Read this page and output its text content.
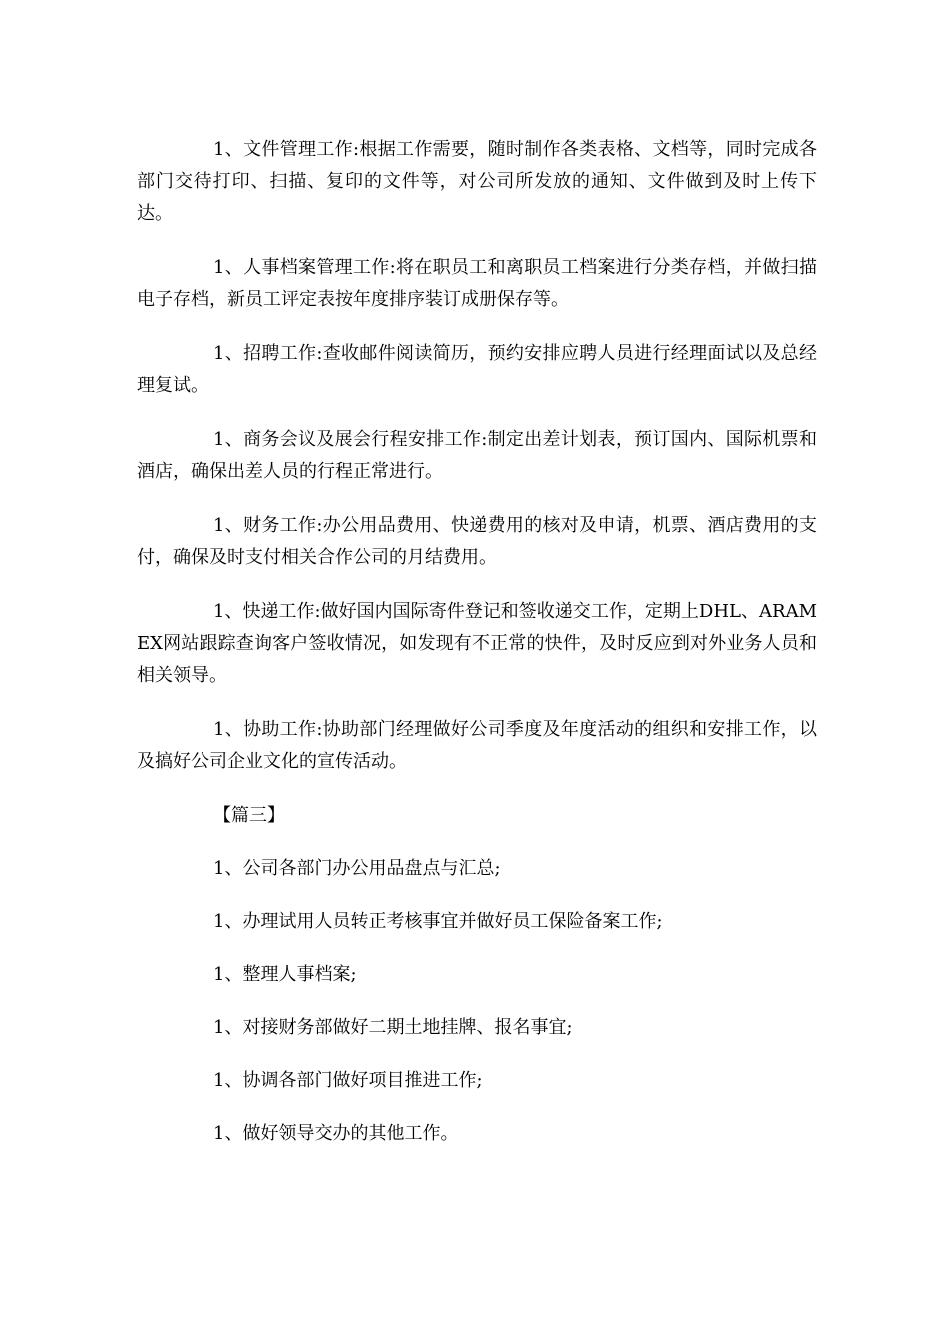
1、文件管理工作:根据工作需要，随时制作各类表格、文档等，同时完成各部门交待打印、扫描、复印的文件等，对公司所发放的通知、文件做到及时上传下达。

1、人事档案管理工作:将在职员工和离职员工档案进行分类存档，并做扫描电子存档，新员工评定表按年度排序装订成册保存等。

1、招聘工作:查收邮件阅读简历，预约安排应聘人员进行经理面试以及总经理复试。

1、商务会议及展会行程安排工作:制定出差计划表，预订国内、国际机票和酒店，确保出差人员的行程正常进行。

1、财务工作:办公用品费用、快递费用的核对及申请，机票、酒店费用的支付，确保及时支付相关合作公司的月结费用。

1、快递工作:做好国内国际寄件登记和签收递交工作，定期上DHL、ARAMEX网站跟踪查询客户签收情况，如发现有不正常的快件，及时反应到对外业务人员和相关领导。

1、协助工作:协助部门经理做好公司季度及年度活动的组织和安排工作，以及搞好公司企业文化的宣传活动。

【篇三】

1、公司各部门办公用品盘点与汇总;

1、办理试用人员转正考核事宜并做好员工保险备案工作;

1、整理人事档案;

1、对接财务部做好二期土地挂牌、报名事宜;

1、协调各部门做好项目推进工作;

1、做好领导交办的其他工作。
